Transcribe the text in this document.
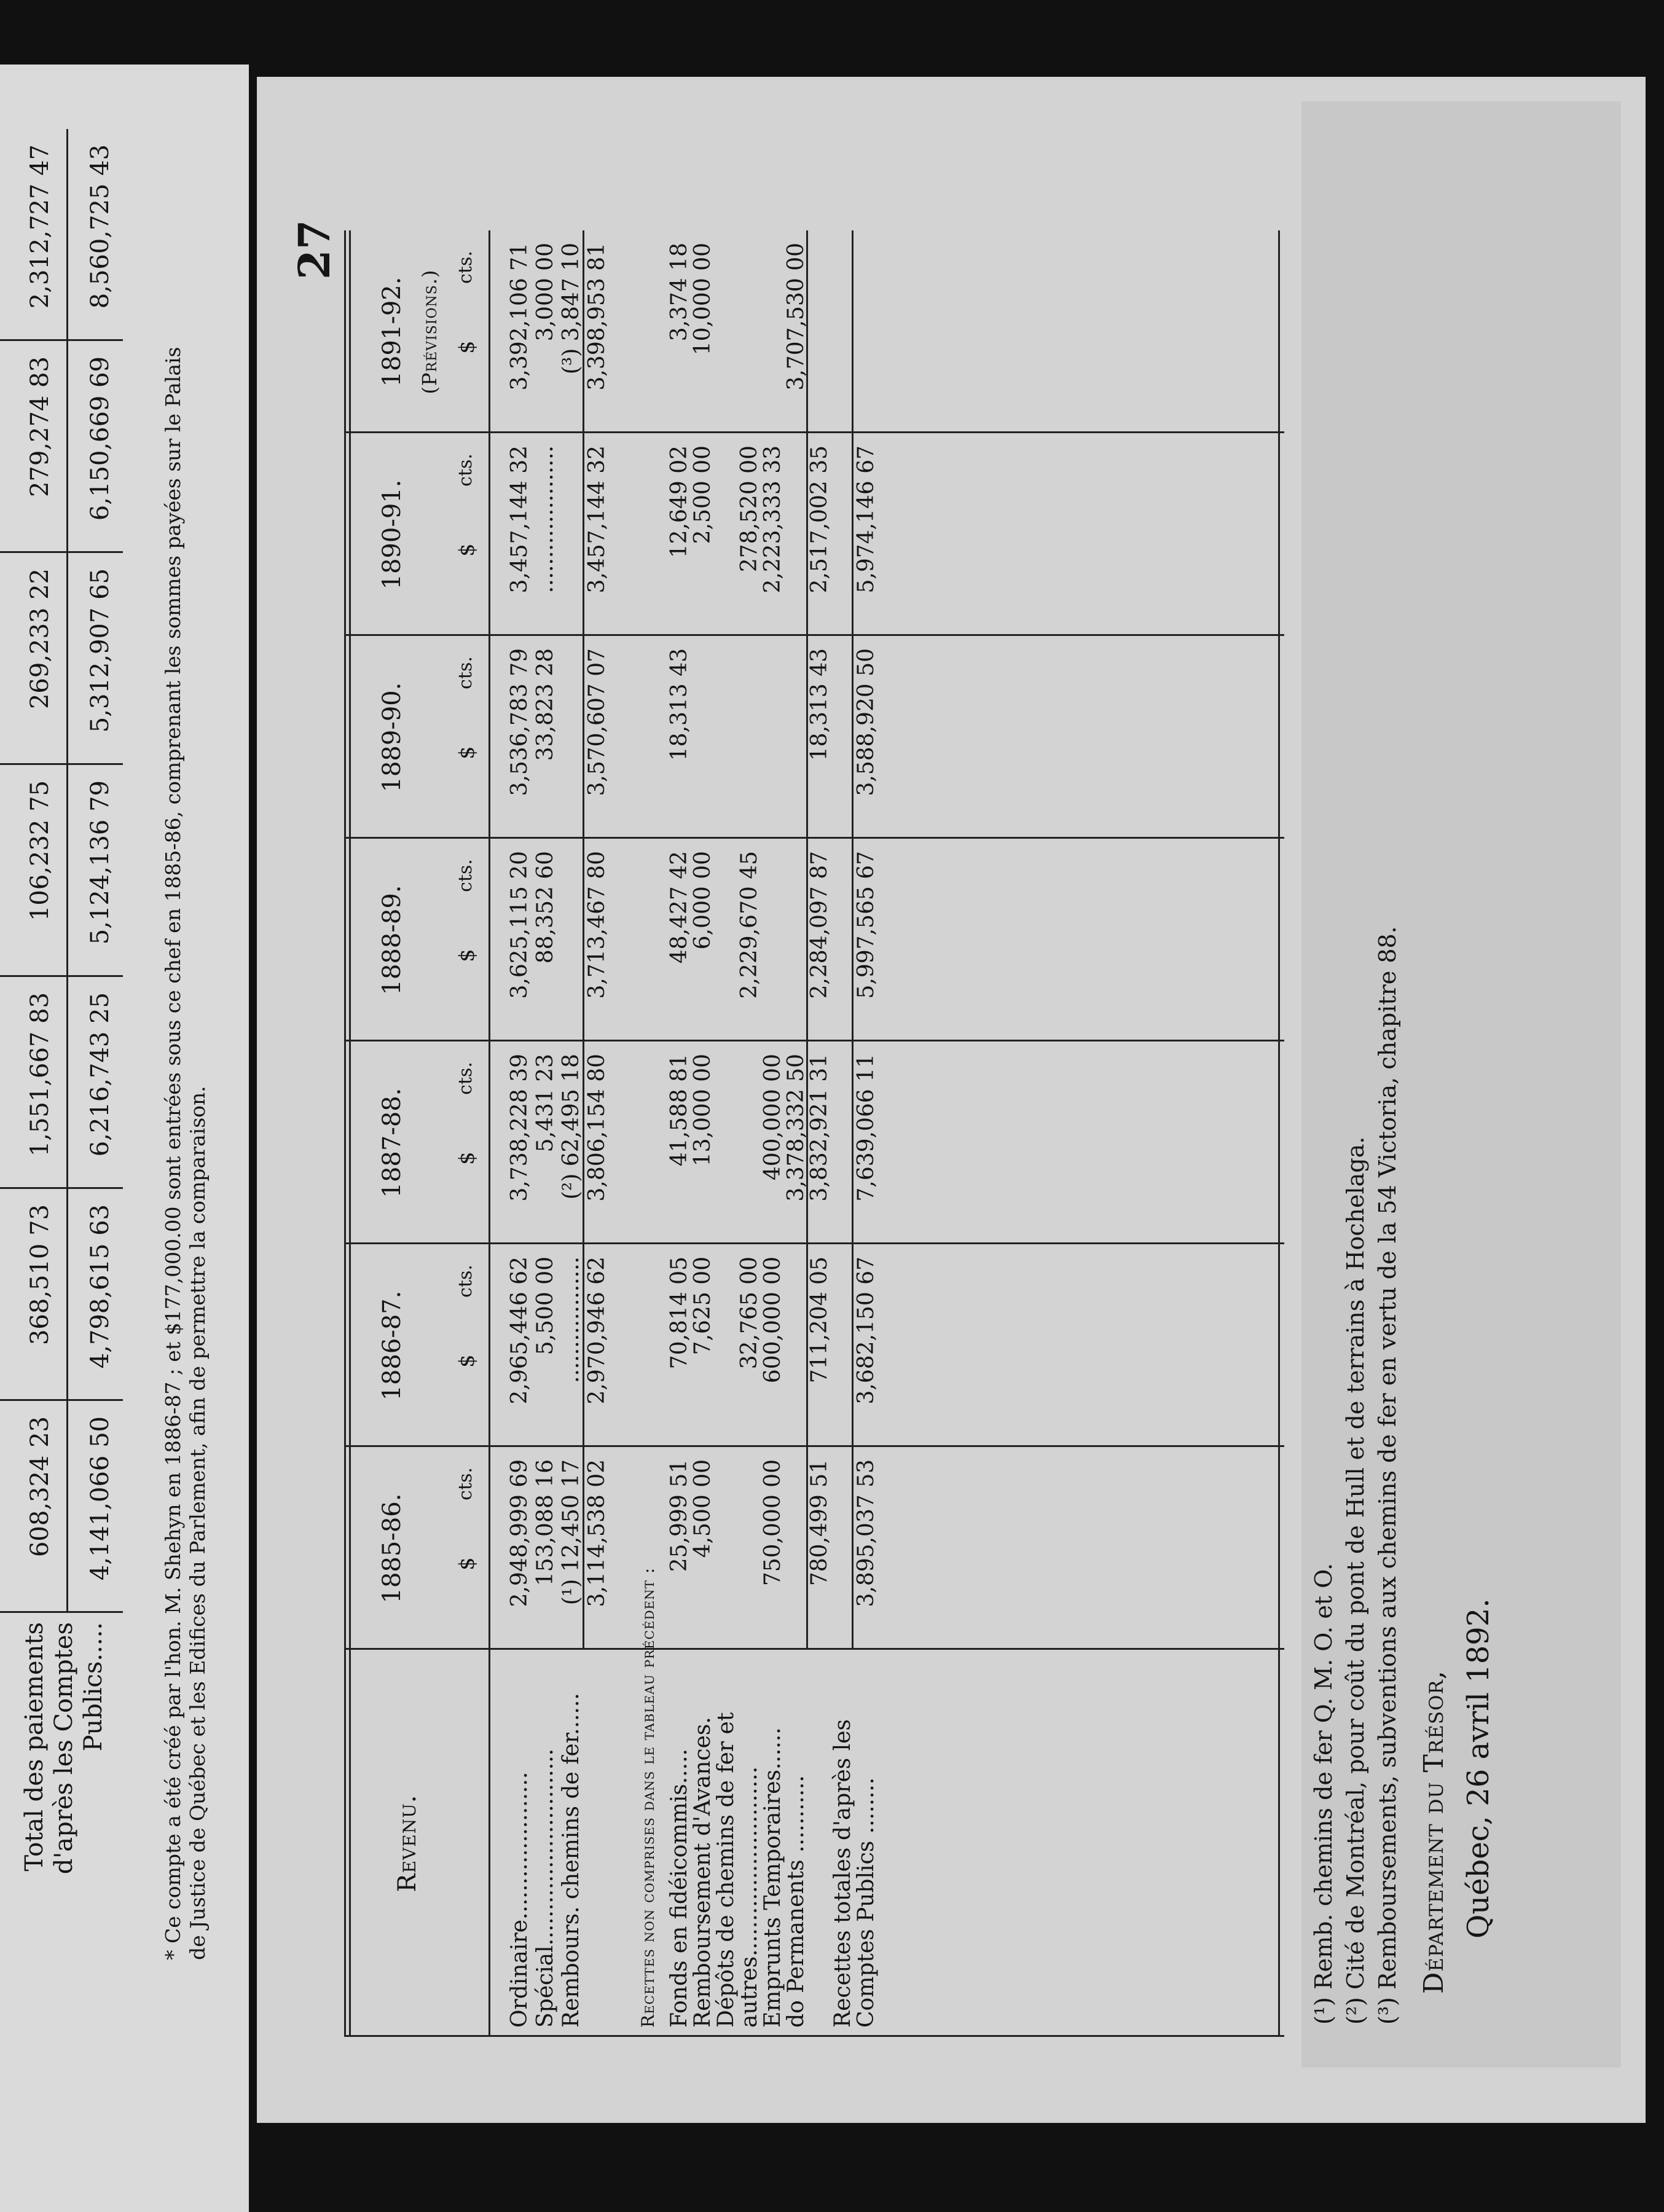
Total des paiements d'après les Comptes Publics.....
608,324 23 4,141,066 50
368,510 73 4,798,615 63
1,551,667 83 6,216,743 25
106,232 75 5,124,136 79
269,233 22 5,312,907 65
279,274 83 6,150,669 69
2,312,727 47 8,560,725 43
* Ce compte a été créé par l'hon. M. Shehyn en 1886-87 ; et $177,000.00 sont entrées sous ce chef en 1885-86, comprenant les sommes payées sur le Palais de Justice de Québec et les Edifices du Parlement, afin de permettre la comparaison.
27
Revenu.
1885-86. $
cts.
1886-87. $
cts.
1887-88. $
cts.
1888-89. $
cts.
1889-90. $
cts.
1890-91. $
cts.
1891-92. $
cts.
(Prévisions.)
Ordinaire.....................
2,948,999 69
2,965,446 62
3,738,228 39
3,625,115 20
3,536,783 79
3,457,144 32
3,392,106 71
Spécial............................
153,088 16
5,500 00
5,431 23
88,352 60
33,823 28
.....................
3,000 00
Rembours. chemins de fer......
(¹) 12,450 17
..................
(²) 62,495 18
(³) 3,847 10
3,114,538 02
2,970,946 62
3,806,154 80
3,713,467 80
3,570,607 07
3,457,144 32
3,398,953 81
Recettes non comprises dans le tableau précédent : Fonds en fidéicommis.....
25,999 51
70,814 05
41,588 81
48,427 42
18,313 43
12,649 02
3,374 18
Remboursement d'Avances.
4,500 00
7,625 00
13,000 00
6,000 00
2,500 00
10,000 00
Dépôts de chemins de fer et
autres...........................
32,765 00
2,229,670 45
278,520 00
Emprunts Temporaires......
750,000 00
600,000 00
400,000 00
2,223,333 33
do Permanents ...........
3,378,332 50
3,707,530 00
780,499 51
711,204 05
3,832,921 31
2,284,097 87
18,313 43
2,517,002 35
Recettes totales d'après les
Comptes Publics ........
3,895,037 53
3,682,150 67
7,639,066 11
5,997,565 67
3,588,920 50
5,974,146 67
(¹) Remb. chemins de fer Q. M. O. et O. (²) Cité de Montréal, pour coût du pont de Hull et de terrains à Hochelaga. (³) Remboursements, subventions aux chemins de fer en vertu de la 54 Victoria, chapitre 88. Département du Trésor, Québec, 26 avril 1892.
